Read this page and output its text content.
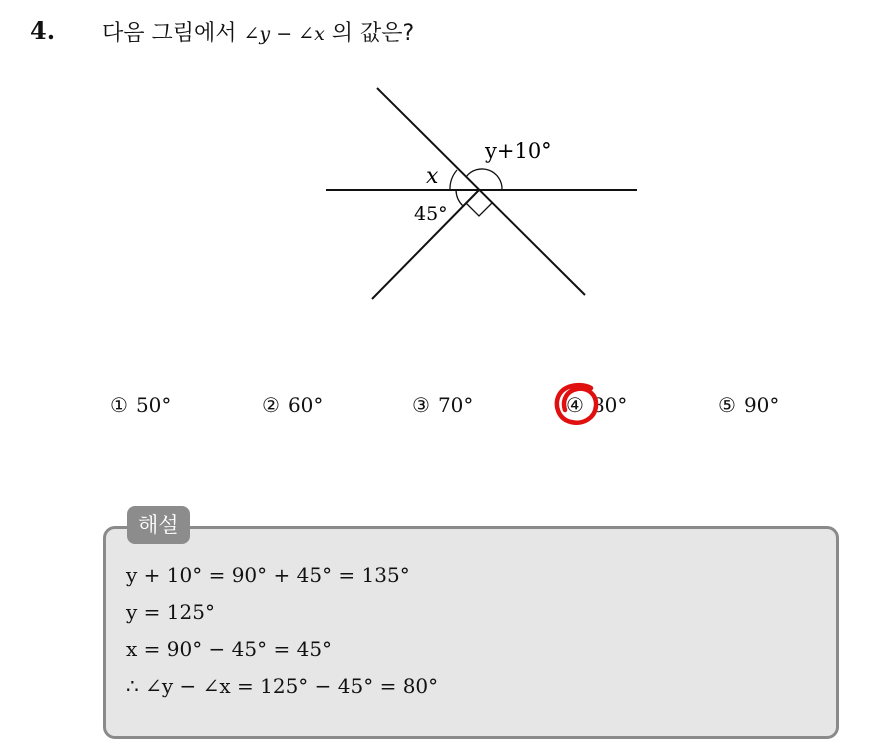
4. 다음 그림에서 ∠y − ∠x 의 값은?
x
y+10°
45°
① 50°	② 60°	③ 70°	④ 80°	⑤ 90°
해설
y + 10° = 90° + 45° = 135°
y = 125°
x = 90° − 45° = 45°
∴ ∠y − ∠x = 125° − 45° = 80°
